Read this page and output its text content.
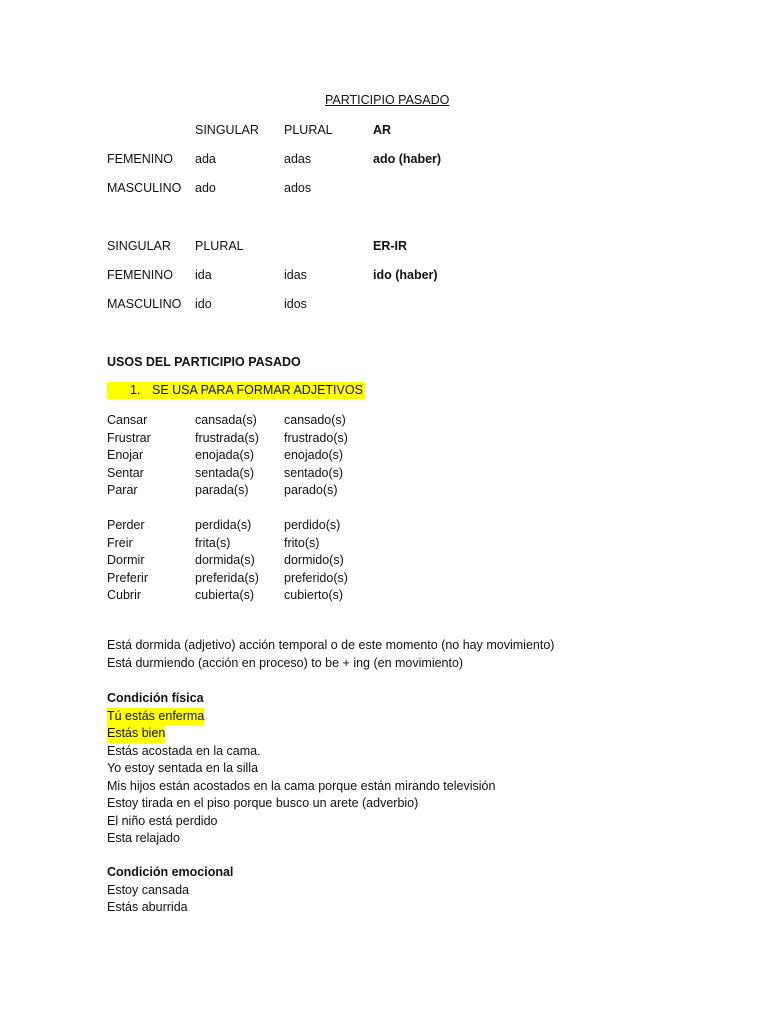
PARTICIPIO PASADO
SINGULAR PLURAL	AR
FEMENINO ada	adas	ado (haber)
MASCULINO ado	ados
SINGULAR PLURAL	ER-IR
FEMENINO ida	idas	ido (haber)
MASCULINO ido	idos
USOS DEL PARTICIPIO PASADO
1. SE USA PARA FORMAR ADJETIVOS
Cansar	cansada(s) cansado(s)
Frustrar	frustrada(s) frustrado(s)
Enojar	enojada(s) enojado(s)
Sentar	sentada(s) sentado(s)
Parar	parada(s)	parado(s)
Perder	perdida(s)	perdido(s)
Freir	frita(s)	frito(s)
Dormir	dormida(s) dormido(s)
Preferir	preferida(s) preferido(s)
Cubrir	cubierta(s) cubierto(s)
Está dormida (adjetivo) acción temporal o de este momento (no hay movimiento)
Está durmiendo (acción en proceso) to be + ing (en movimiento)
Condición física
Tú estás enferma
Estás bien
Estás acostada en la cama.
Yo estoy sentada en la silla
Mis hijos están acostados en la cama porque están mirando televisión
Estoy tirada en el piso porque busco un arete (adverbio)
El niño está perdido
Esta relajado
Condición emocional
Estoy cansada
Estás aburrida
